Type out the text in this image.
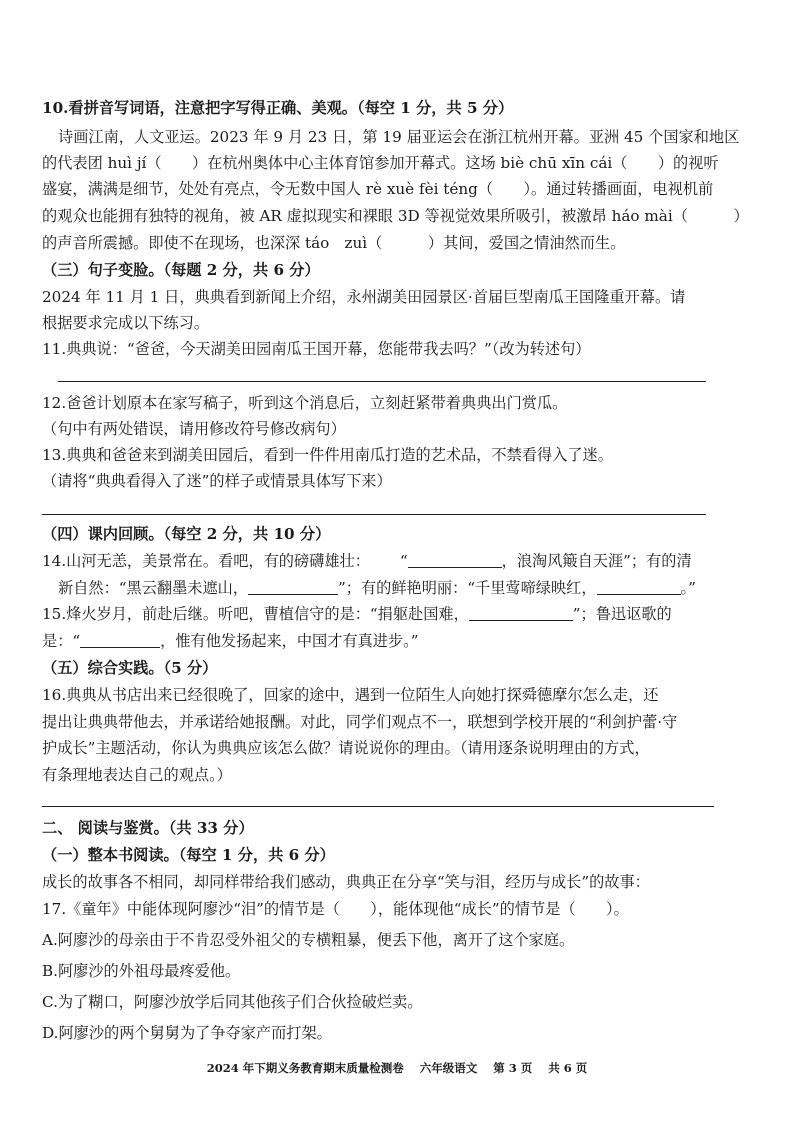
10.看拼音写词语，注意把字写得正确、美观。（每空 1 分，共 5 分）
诗画江南，人文亚运。2023 年 9 月 23 日，第 19 届亚运会在浙江杭州开幕。亚洲 45 个国家和地区
的代表团 huì jí（　　）在杭州奥体中心主体育馆参加开幕式。这场 biè chū xīn cái（　　）的视听
盛宴，满满是细节，处处有亮点，令无数中国人 rè xuè fèi téng（　　）。通过转播画面，电视机前
的观众也能拥有独特的视角，被 AR 虚拟现实和裸眼 3D 等视觉效果所吸引，被激昂 háo mài（　　　）
的声音所震撼。即使不在现场，也深深 táo　zuì（　　　）其间，爱国之情油然而生。
（三）句子变脸。（每题 2 分，共 6 分）
2024 年 11 月 1 日，典典看到新闻上介绍，永州湖美田园景区·首届巨型南瓜王国隆重开幕。请
根据要求完成以下练习。
11.典典说：“爸爸，今天湖美田园南瓜王国开幕，您能带我去吗？”（改为转述句）
12.爸爸计划原本在家写稿子，听到这个消息后，立刻赶紧带着典典出门赏瓜。
（句中有两处错误，请用修改符号修改病句）
13.典典和爸爸来到湖美田园后，看到一件件用南瓜打造的艺术品，不禁看得入了迷。
（请将“典典看得入了迷”的样子或情景具体写下来）
（四）课内回顾。（每空 2 分，共 10 分）
14.山河无恙，美景常在。看吧，有的磅礴雄壮： “	，浪淘风簸自天涯”；有的清
新自然：“黑云翻墨未遮山，	”；有的鲜艳明丽：“千里莺啼绿映红，	。”
15.烽火岁月，前赴后继。听吧，曹植信守的是：“捐躯赴国难，	”；鲁迅讴歌的
是：“	，惟有他发扬起来，中国才有真进步。”
（五）综合实践。（5 分）
16.典典从书店出来已经很晚了，回家的途中，遇到一位陌生人向她打探舜德摩尔怎么走，还
提出让典典带他去，并承诺给她报酬。对此，同学们观点不一，联想到学校开展的“利剑护蕾·守
护成长”主题活动，你认为典典应该怎么做？请说说你的理由。（请用逐条说明理由的方式，
有条理地表达自己的观点。）
二、 阅读与鉴赏。（共 33 分）
（一）整本书阅读。（每空 1 分，共 6 分）
成长的故事各不相同，却同样带给我们感动，典典正在分享“笑与泪，经历与成长”的故事：
17.《童年》中能体现阿廖沙“泪”的情节是（　　），能体现他“成长”的情节是（　　）。
A.阿廖沙的母亲由于不肯忍受外祖父的专横粗暴，便丢下他，离开了这个家庭。
B.阿廖沙的外祖母最疼爱他。
C.为了糊口，阿廖沙放学后同其他孩子们合伙捡破烂卖。
D.阿廖沙的两个舅舅为了争夺家产而打架。
2024 年下期义务教育期末质量检测卷 六年级语文 第 3 页 共 6 页
